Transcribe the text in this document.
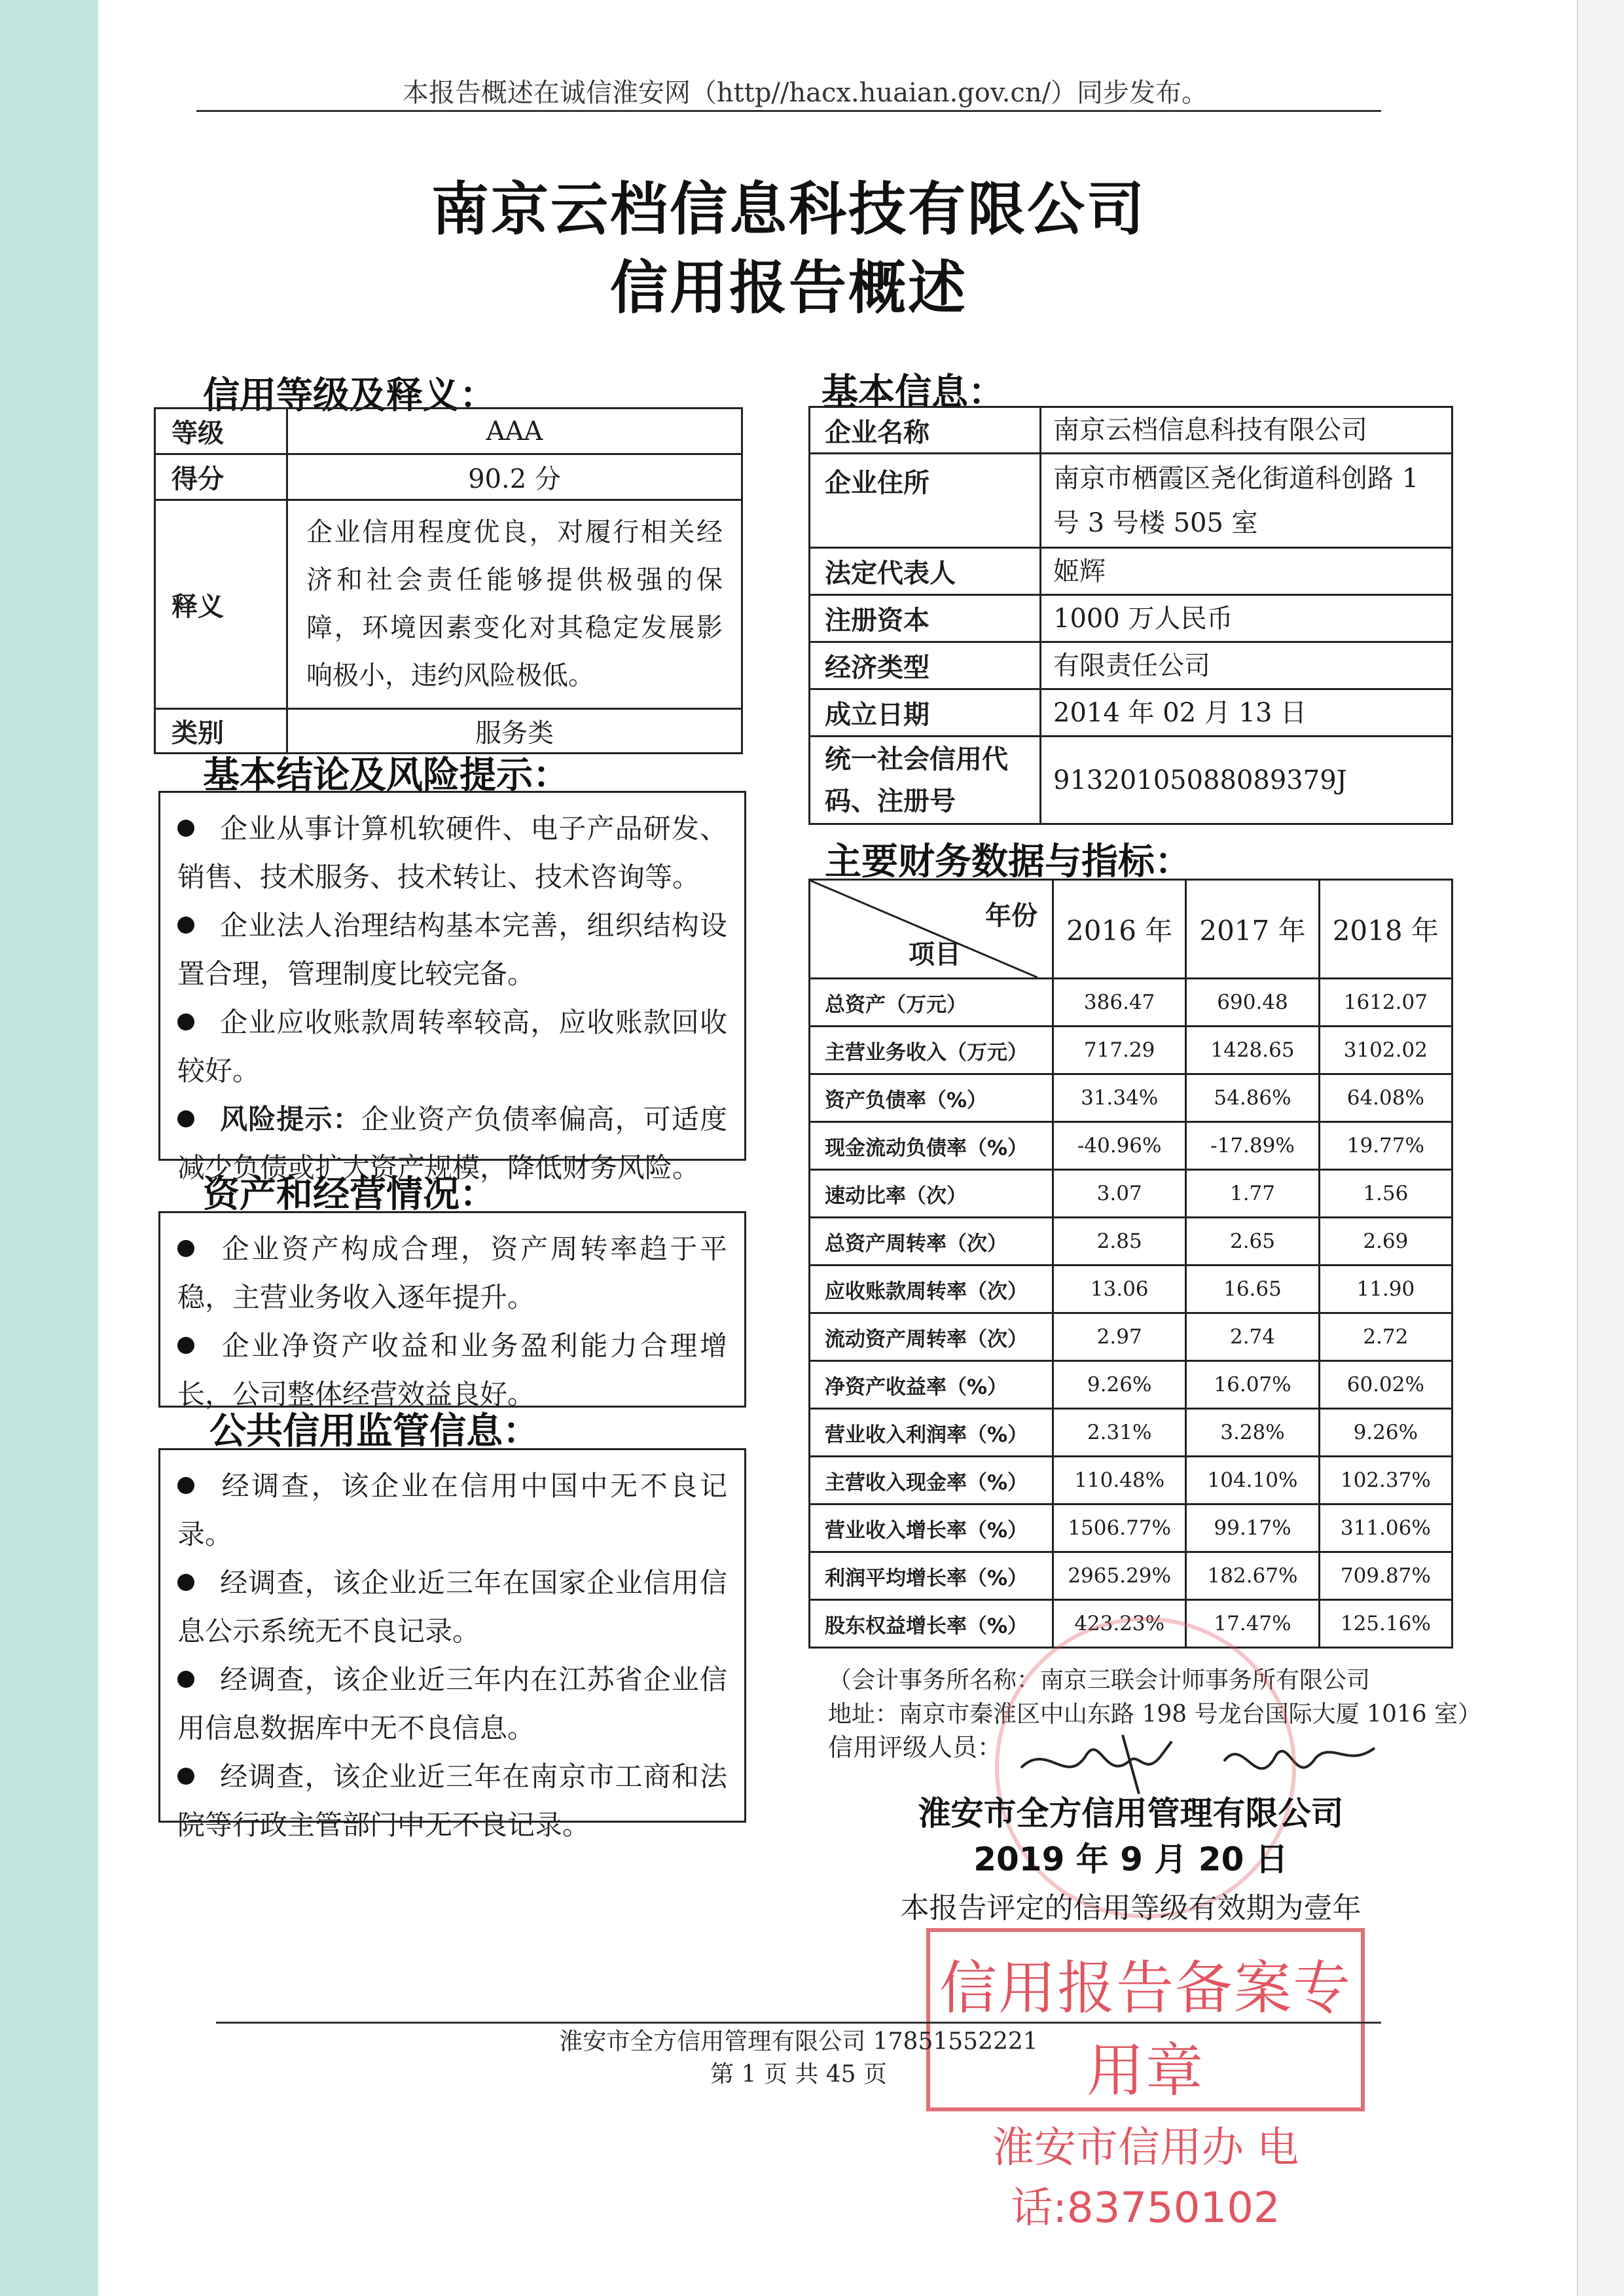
本报告概述在诚信淮安网（http//hacx.huaian.gov.cn/）同步发布。
南京云档信息科技有限公司
信用报告概述
信用等级及释义：
等级	AAA
得分	90.2 分
释义	企业信用程度优良，对履行相关经济和社会责任能够提供极强的保障，环境因素变化对其稳定发展影响极小，违约风险极低。
类别	服务类
基本结论及风险提示：
企业从事计算机软硬件、电子产品研发、销售、技术服务、技术转让、技术咨询等。
企业法人治理结构基本完善，组织结构设置合理，管理制度比较完备。
企业应收账款周转率较高，应收账款回收较好。
风险提示：企业资产负债率偏高，可适度减少负债或扩大资产规模，降低财务风险。
资产和经营情况：
企业资产构成合理，资产周转率趋于平稳，主营业务收入逐年提升。
企业净资产收益和业务盈利能力合理增长，公司整体经营效益良好。
公共信用监管信息：
经调查，该企业在信用中国中无不良记录。
经调查，该企业近三年在国家企业信用信息公示系统无不良记录。
经调查，该企业近三年内在江苏省企业信用信息数据库中无不良信息。
经调查，该企业近三年在南京市工商和法院等行政主管部门中无不良记录。
基本信息：
企业名称	南京云档信息科技有限公司
企业住所	南京市栖霞区尧化街道科创路 1 号 3 号楼 505 室
法定代表人	姬辉
注册资本	1000 万人民币
经济类型	有限责任公司
成立日期	2014 年 02 月 13 日
统一社会信用代码、注册号	91320105088089379J
主要财务数据与指标：
年份
项目	2016 年	2017 年	2018 年
总资产（万元）	386.47	690.48	1612.07
主营业务收入（万元）	717.29	1428.65	3102.02
资产负债率（%）	31.34%	54.86%	64.08%
现金流动负债率（%）	-40.96%	-17.89%	19.77%
速动比率（次）	3.07	1.77	1.56
总资产周转率（次）	2.85	2.65	2.69
应收账款周转率（次）	13.06	16.65	11.90
流动资产周转率（次）	2.97	2.74	2.72
净资产收益率（%）	9.26%	16.07%	60.02%
营业收入利润率（%）	2.31%	3.28%	9.26%
主营收入现金率（%）	110.48%	104.10%	102.37%
营业收入增长率（%）	1506.77%	99.17%	311.06%
利润平均增长率（%）	2965.29%	182.67%	709.87%
股东权益增长率（%）	423.23%	17.47%	125.16%
（会计事务所名称：南京三联会计师事务所有限公司
地址：南京市秦淮区中山东路 198 号龙台国际大厦 1016 室）
信用评级人员：
淮安市全方信用管理有限公司
2019 年 9 月 20 日
本报告评定的信用等级有效期为壹年
信用报告备案专用章
淮安市信用办 电话:83750102
淮安市全方信用管理有限公司 17851552221
第 1 页 共 45 页
